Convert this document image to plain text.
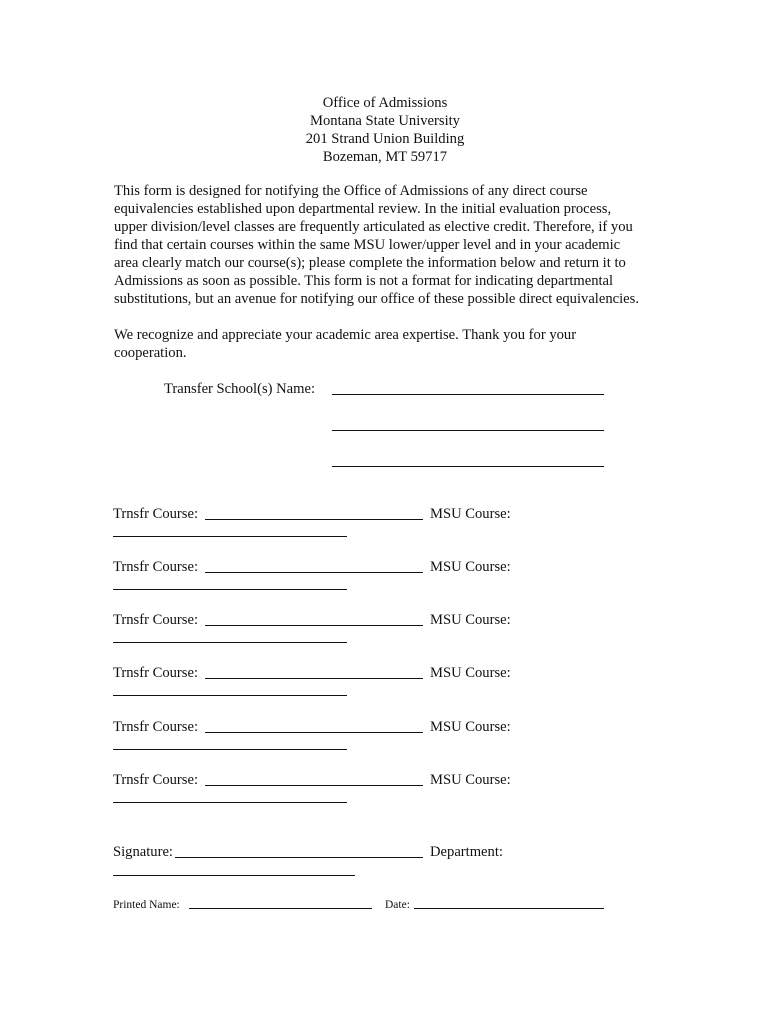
Office of Admissions
Montana State University
201 Strand Union Building
Bozeman, MT 59717
This form is designed for notifying the Office of Admissions of any direct course
equivalencies established upon departmental review. In the initial evaluation process,
upper division/level classes are frequently articulated as elective credit. Therefore, if you
find that certain courses within the same MSU lower/upper level and in your academic
area clearly match our course(s); please complete the information below and return it to
Admissions as soon as possible. This form is not a format for indicating departmental
substitutions, but an avenue for notifying our office of these possible direct equivalencies.
We recognize and appreciate your academic area expertise. Thank you for your
cooperation.
Transfer School(s) Name:
Trnsfr Course:	MSU Course:
Trnsfr Course:	MSU Course:
Trnsfr Course:	MSU Course:
Trnsfr Course:	MSU Course:
Trnsfr Course:	MSU Course:
Trnsfr Course:	MSU Course:
Signature:	Department:
Printed Name:	Date:
